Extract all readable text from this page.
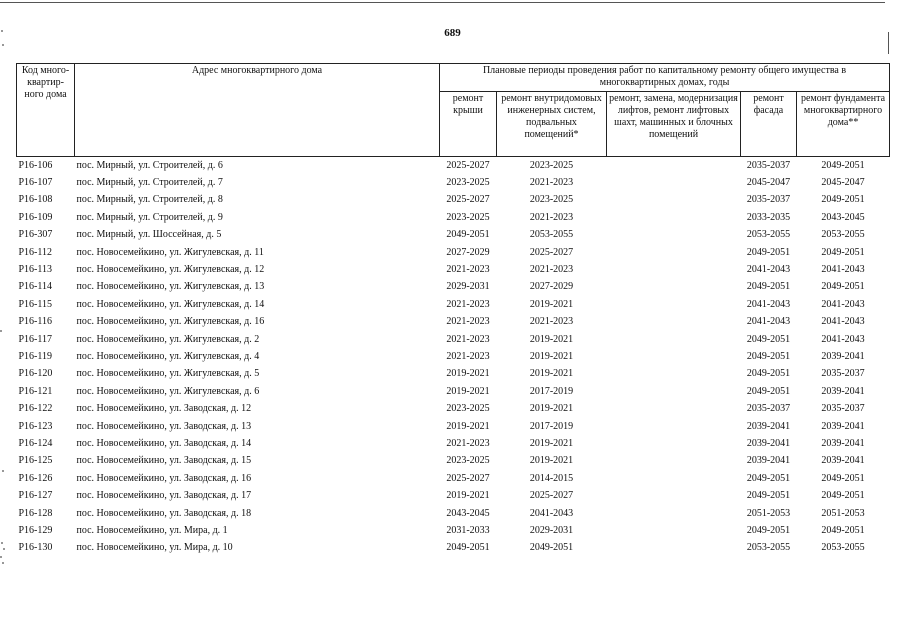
689
Код много-квартир-ного дома	Адрес многоквартирного дома	Плановые периоды проведения работ по капитальному ремонту общего имущества в многоквартирных домах, годы				
		ремонт крыши	ремонт внутридомовых инженерных систем, подвальных помещений*	ремонт, замена, модернизация лифтов, ремонт лифтовых шахт, машинных и блочных помещений	ремонт фасада	ремонт фундамента многоквартирного дома**
Р16-106	пос. Мирный, ул. Строителей, д. 6	2025-2027	2023-2025		2035-2037	2049-2051
Р16-107	пос. Мирный, ул. Строителей, д. 7	2023-2025	2021-2023		2045-2047	2045-2047
Р16-108	пос. Мирный, ул. Строителей, д. 8	2025-2027	2023-2025		2035-2037	2049-2051
Р16-109	пос. Мирный, ул. Строителей, д. 9	2023-2025	2021-2023		2033-2035	2043-2045
Р16-307	пос. Мирный, ул. Шоссейная, д. 5	2049-2051	2053-2055		2053-2055	2053-2055
Р16-112	пос. Новосемейкино, ул. Жигулевская, д. 11	2027-2029	2025-2027		2049-2051	2049-2051
Р16-113	пос. Новосемейкино, ул. Жигулевская, д. 12	2021-2023	2021-2023		2041-2043	2041-2043
Р16-114	пос. Новосемейкино, ул. Жигулевская, д. 13	2029-2031	2027-2029		2049-2051	2049-2051
Р16-115	пос. Новосемейкино, ул. Жигулевская, д. 14	2021-2023	2019-2021		2041-2043	2041-2043
Р16-116	пос. Новосемейкино, ул. Жигулевская, д. 16	2021-2023	2021-2023		2041-2043	2041-2043
Р16-117	пос. Новосемейкино, ул. Жигулевская, д. 2	2021-2023	2019-2021		2049-2051	2041-2043
Р16-119	пос. Новосемейкино, ул. Жигулевская, д. 4	2021-2023	2019-2021		2049-2051	2039-2041
Р16-120	пос. Новосемейкино, ул. Жигулевская, д. 5	2019-2021	2019-2021		2049-2051	2035-2037
Р16-121	пос. Новосемейкино, ул. Жигулевская, д. 6	2019-2021	2017-2019		2049-2051	2039-2041
Р16-122	пос. Новосемейкино, ул. Заводская, д. 12	2023-2025	2019-2021		2035-2037	2035-2037
Р16-123	пос. Новосемейкино, ул. Заводская, д. 13	2019-2021	2017-2019		2039-2041	2039-2041
Р16-124	пос. Новосемейкино, ул. Заводская, д. 14	2021-2023	2019-2021		2039-2041	2039-2041
Р16-125	пос. Новосемейкино, ул. Заводская, д. 15	2023-2025	2019-2021		2039-2041	2039-2041
Р16-126	пос. Новосемейкино, ул. Заводская, д. 16	2025-2027	2014-2015		2049-2051	2049-2051
Р16-127	пос. Новосемейкино, ул. Заводская, д. 17	2019-2021	2025-2027		2049-2051	2049-2051
Р16-128	пос. Новосемейкино, ул. Заводская, д. 18	2043-2045	2041-2043		2051-2053	2051-2053
Р16-129	пос. Новосемейкино, ул. Мира, д. 1	2031-2033	2029-2031		2049-2051	2049-2051
Р16-130	пос. Новосемейкино, ул. Мира, д. 10	2049-2051	2049-2051		2053-2055	2053-2055
